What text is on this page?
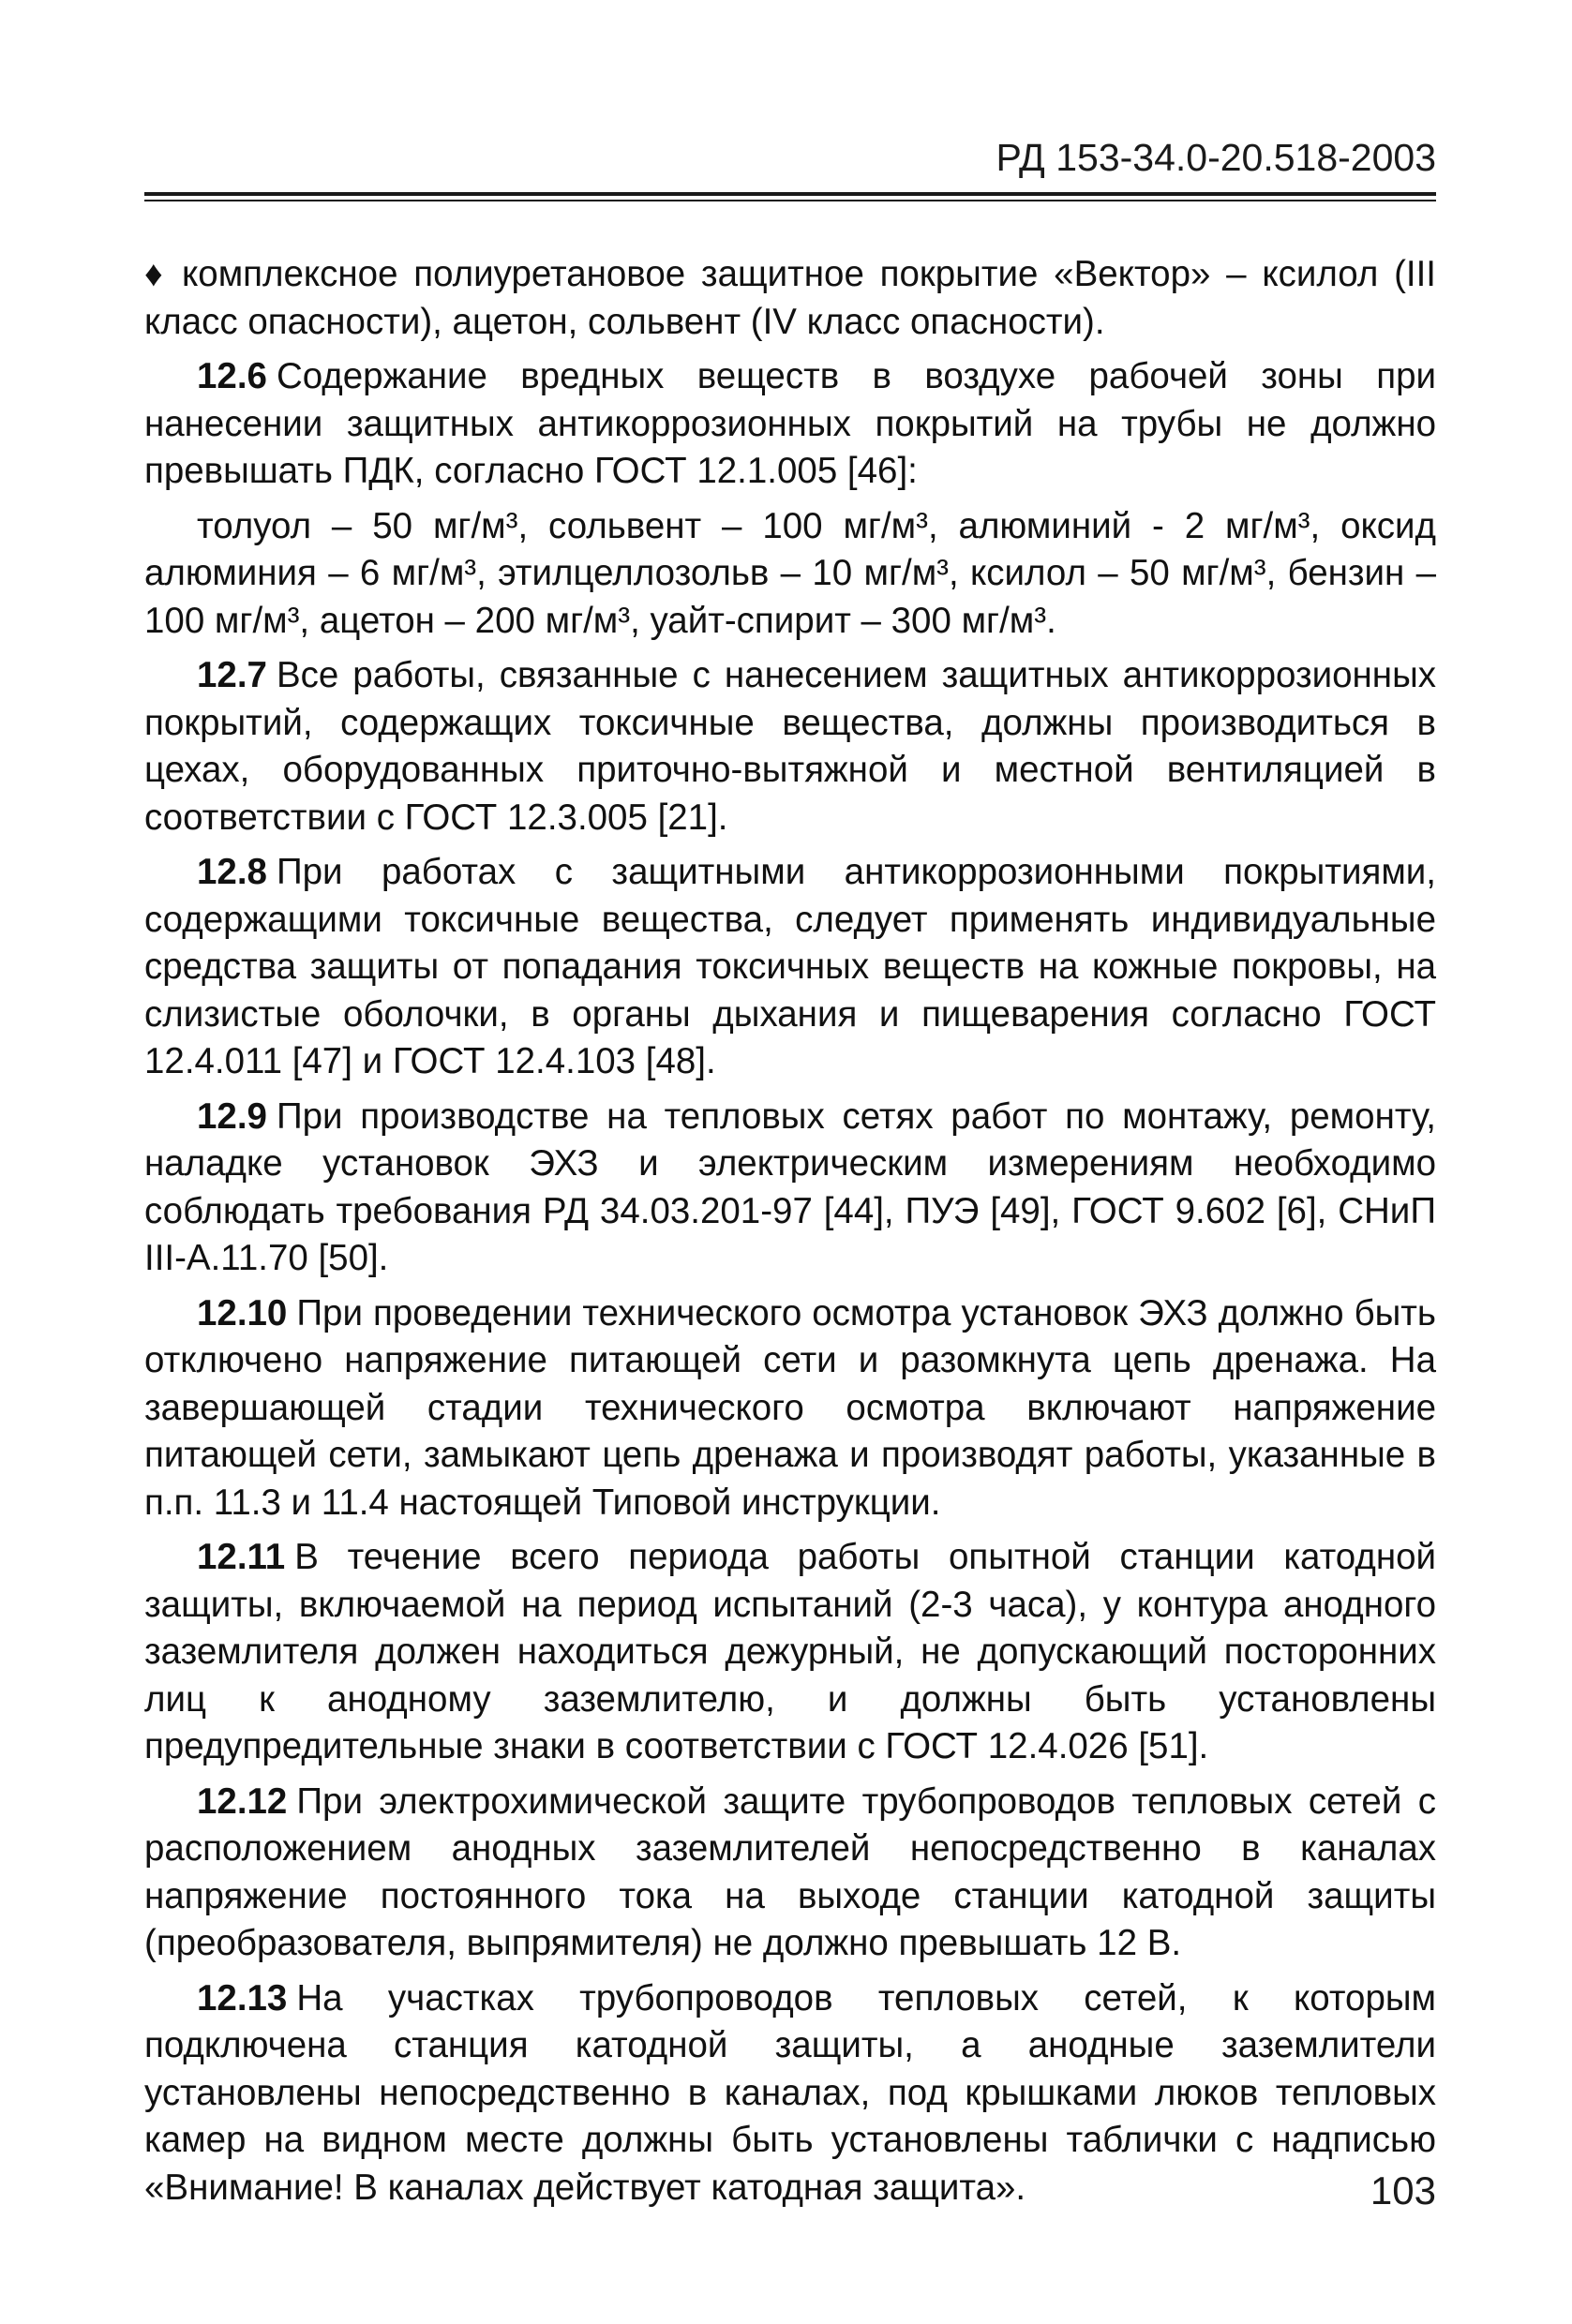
РД 153-34.0-20.518-2003

♦ комплексное полиуретановое защитное покрытие «Вектор» – ксилол (III класс опасности), ацетон, сольвент (IV класс опасности).

12.6 Содержание вредных веществ в воздухе рабочей зоны при нанесении защитных антикоррозионных покрытий на трубы не должно превышать ПДК, согласно ГОСТ 12.1.005 [46]:

толуол – 50 мг/м³, сольвент – 100 мг/м³, алюминий - 2 мг/м³, оксид алюминия – 6 мг/м³, этилцеллозольв – 10 мг/м³, ксилол – 50 мг/м³, бензин – 100 мг/м³, ацетон – 200 мг/м³, уайт-спирит – 300 мг/м³.

12.7 Все работы, связанные с нанесением защитных антикоррозионных покрытий, содержащих токсичные вещества, должны производиться в цехах, оборудованных приточно-вытяжной и местной вентиляцией в соответствии с ГОСТ 12.3.005 [21].

12.8 При работах с защитными антикоррозионными покрытиями, содержащими токсичные вещества, следует применять индивидуальные средства защиты от попадания токсичных веществ на кожные покровы, на слизистые оболочки, в органы дыхания и пищеварения согласно ГОСТ 12.4.011 [47] и ГОСТ 12.4.103 [48].

12.9 При производстве на тепловых сетях работ по монтажу, ремонту, наладке установок ЭХЗ и электрическим измерениям необходимо соблюдать требования РД 34.03.201-97 [44], ПУЭ [49], ГОСТ 9.602 [6], СНиП III-А.11.70 [50].

12.10 При проведении технического осмотра установок ЭХЗ должно быть отключено напряжение питающей сети и разомкнута цепь дренажа. На завершающей стадии технического осмотра включают напряжение питающей сети, замыкают цепь дренажа и производят работы, указанные в п.п. 11.3 и 11.4 настоящей Типовой инструкции.

12.11 В течение всего периода работы опытной станции катодной защиты, включаемой на период испытаний (2-3 часа), у контура анодного заземлителя должен находиться дежурный, не допускающий посторонних лиц к анодному заземлителю, и должны быть установлены предупредительные знаки в соответствии с ГОСТ 12.4.026 [51].

12.12 При электрохимической защите трубопроводов тепловых сетей с расположением анодных заземлителей непосредственно в каналах напряжение постоянного тока на выходе станции катодной защиты (преобразователя, выпрямителя) не должно превышать 12 В.

12.13 На участках трубопроводов тепловых сетей, к которым подключена станция катодной защиты, а анодные заземлители установлены непосредственно в каналах, под крышками люков тепловых камер на видном месте должны быть установлены таблички с надписью «Внимание! В каналах действует катодная защита».	103
